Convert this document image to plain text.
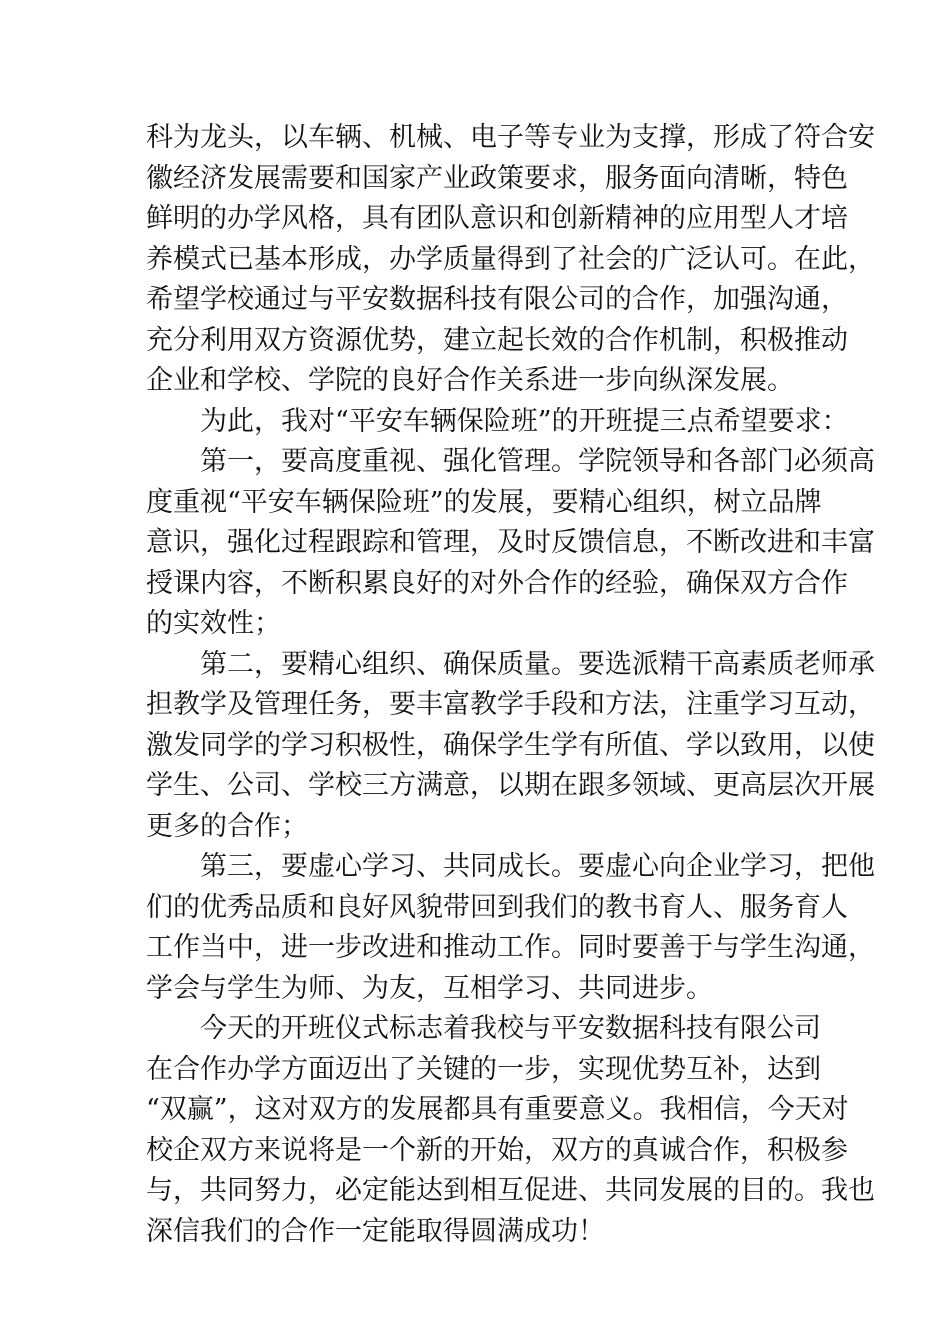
科为龙头，以车辆、机械、电子等专业为支撑，形成了符合安
徽经济发展需要和国家产业政策要求，服务面向清晰，特色
鲜明的办学风格，具有团队意识和创新精神的应用型人才培
养模式已基本形成，办学质量得到了社会的广泛认可。在此，
希望学校通过与平安数据科技有限公司的合作，加强沟通，
充分利用双方资源优势，建立起长效的合作机制，积极推动
企业和学校、学院的良好合作关系进一步向纵深发展。
为此，我对“平安车辆保险班”的开班提三点希望要求：
第一，要高度重视、强化管理。学院领导和各部门必须高
度重视“平安车辆保险班”的发展，要精心组织，树立品牌
意识，强化过程跟踪和管理，及时反馈信息，不断改进和丰富
授课内容，不断积累良好的对外合作的经验，确保双方合作
的实效性；
第二，要精心组织、确保质量。要选派精干高素质老师承
担教学及管理任务，要丰富教学手段和方法，注重学习互动，
激发同学的学习积极性，确保学生学有所值、学以致用，以使
学生、公司、学校三方满意，以期在跟多领域、更高层次开展
更多的合作；
第三，要虚心学习、共同成长。要虚心向企业学习，把他
们的优秀品质和良好风貌带回到我们的教书育人、服务育人
工作当中，进一步改进和推动工作。同时要善于与学生沟通，
学会与学生为师、为友，互相学习、共同进步。
今天的开班仪式标志着我校与平安数据科技有限公司
在合作办学方面迈出了关键的一步，实现优势互补，达到
“双赢”，这对双方的发展都具有重要意义。我相信，今天对
校企双方来说将是一个新的开始，双方的真诚合作，积极参
与，共同努力，必定能达到相互促进、共同发展的目的。我也
深信我们的合作一定能取得圆满成功！
